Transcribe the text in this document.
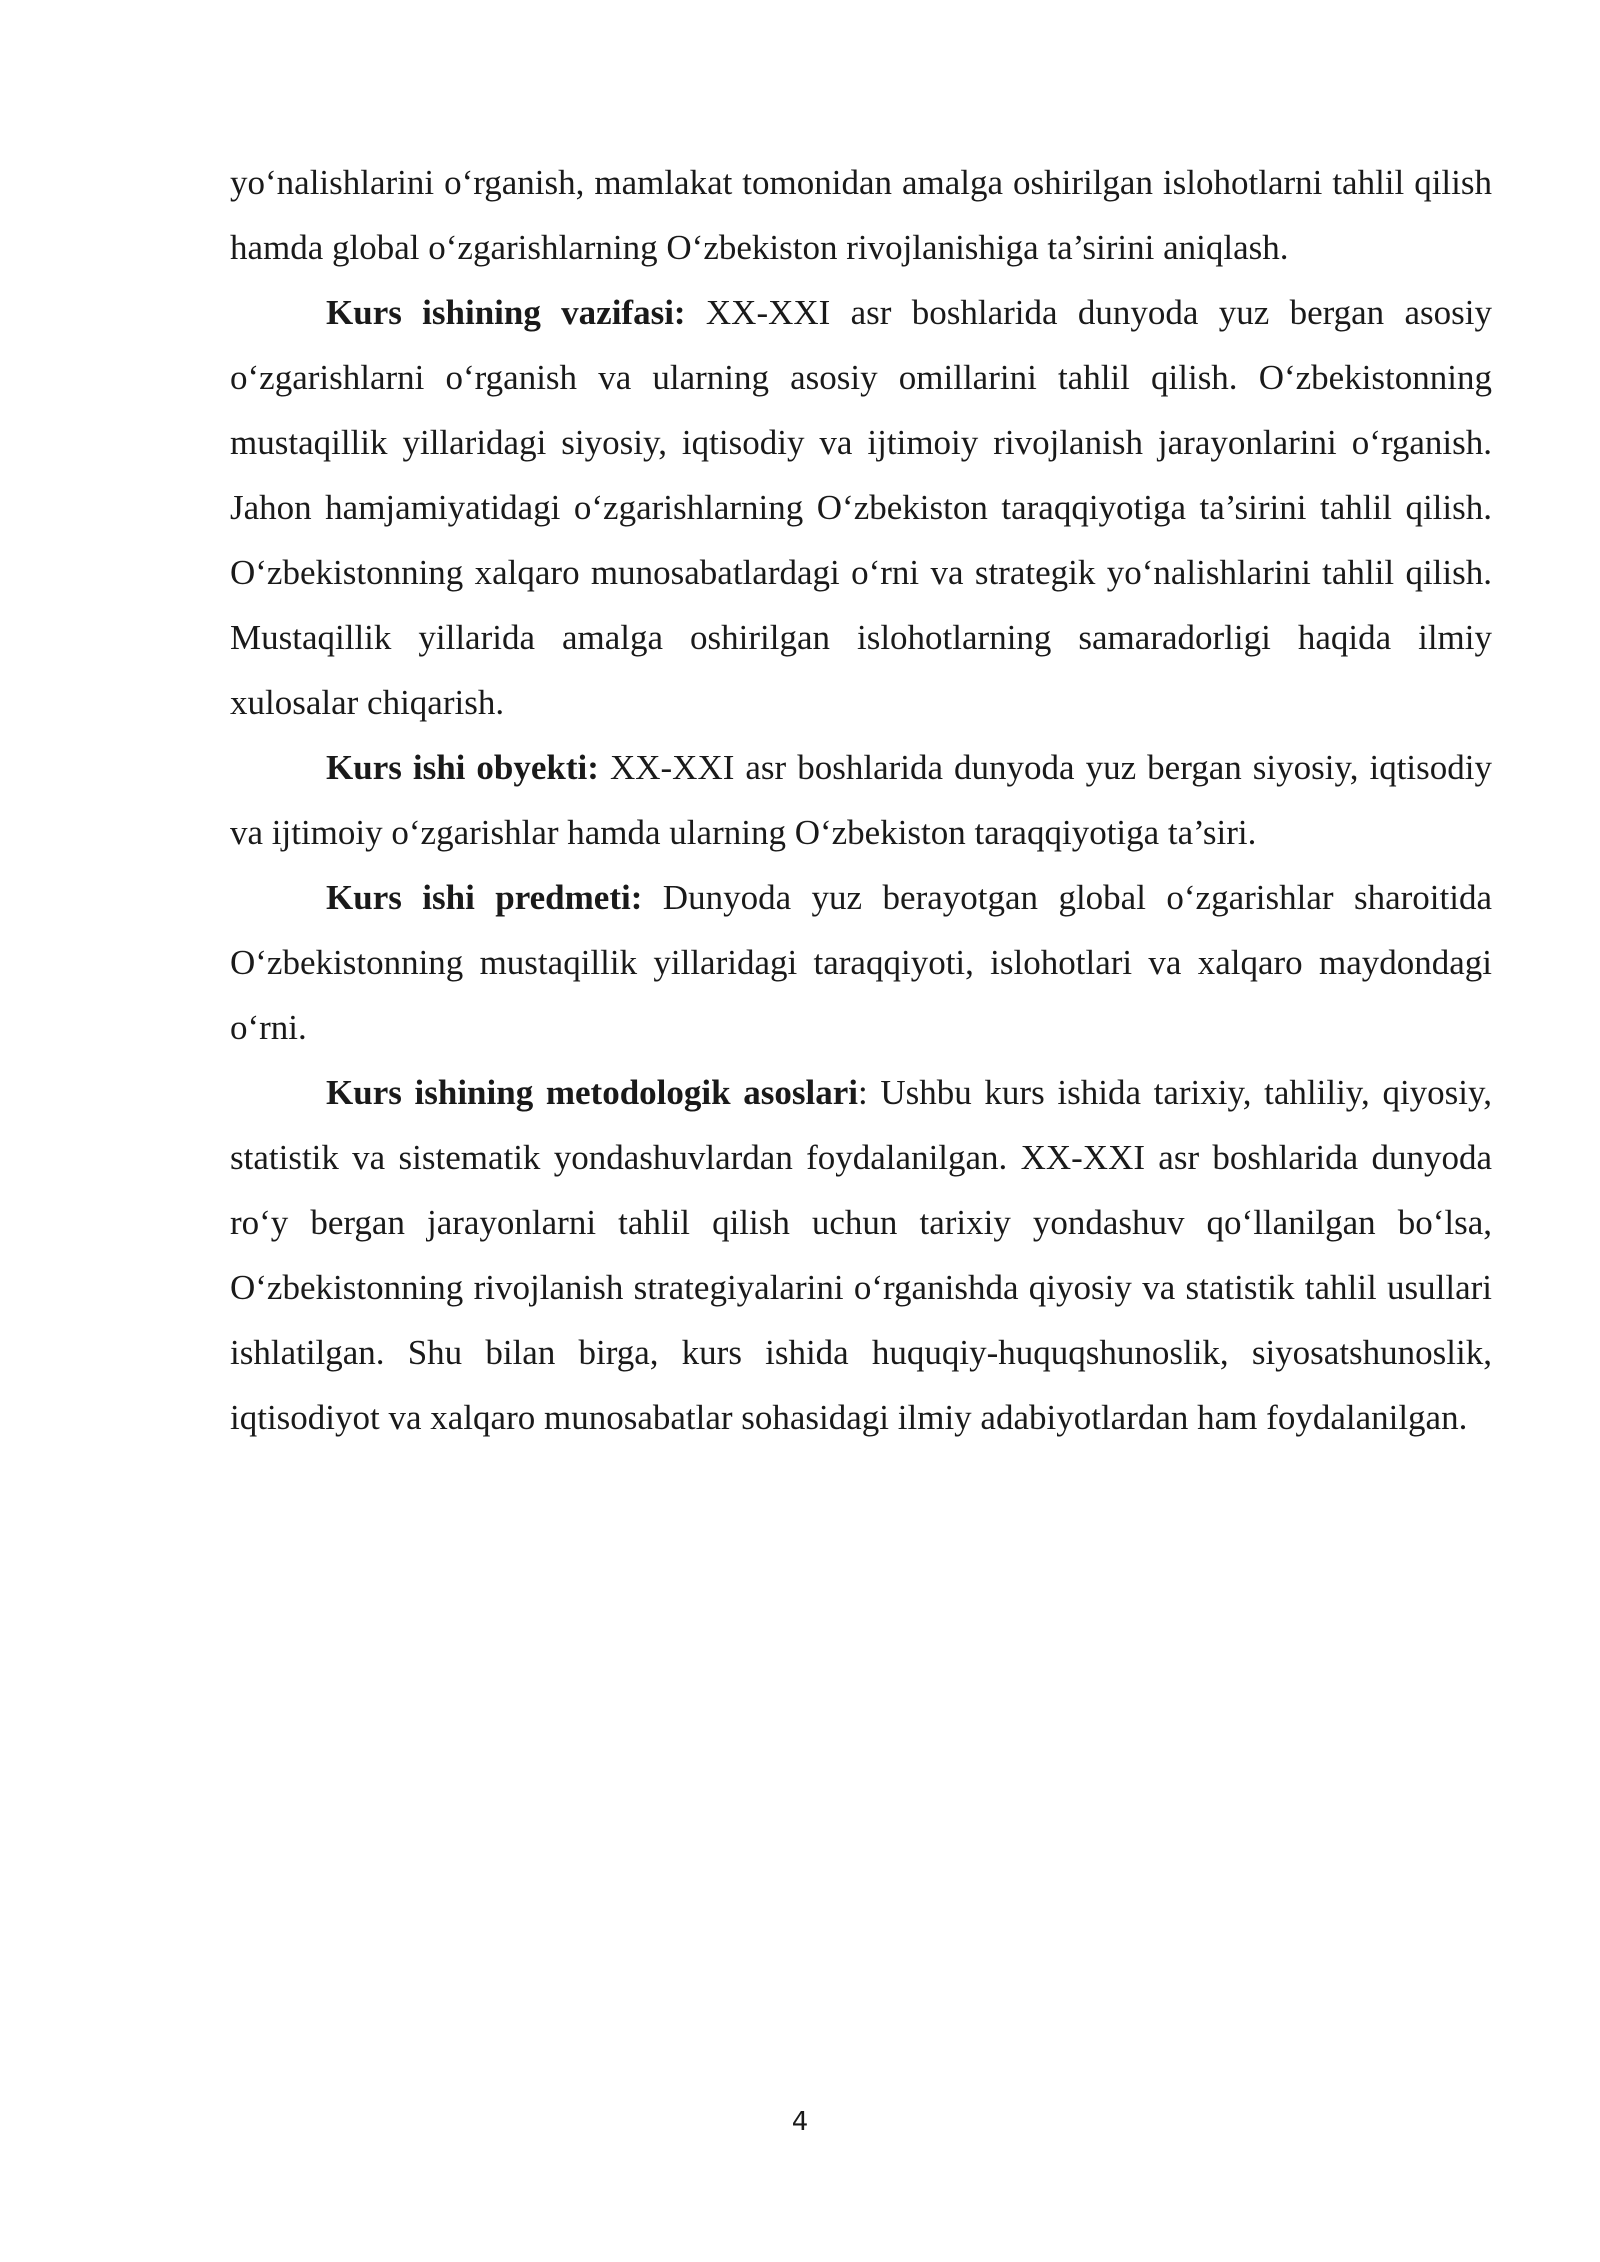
yo‘nalishlarini o‘rganish, mamlakat tomonidan amalga oshirilgan islohotlarni tahlil qilish hamda global o‘zgarishlarning O‘zbekiston rivojlanishiga ta’sirini aniqlash.

Kurs ishining vazifasi: XX-XXI asr boshlarida dunyoda yuz bergan asosiy o‘zgarishlarni o‘rganish va ularning asosiy omillarini tahlil qilish. O‘zbekistonning mustaqillik yillaridagi siyosiy, iqtisodiy va ijtimoiy rivojlanish jarayonlarini o‘rganish. Jahon hamjamiyatidagi o‘zgarishlarning O‘zbekiston taraqqiyotiga ta’sirini tahlil qilish. O‘zbekistonning xalqaro munosabatlardagi o‘rni va strategik yo‘nalishlarini tahlil qilish. Mustaqillik yillarida amalga oshirilgan islohotlarning samaradorligi haqida ilmiy xulosalar chiqarish.

Kurs ishi obyekti: XX-XXI asr boshlarida dunyoda yuz bergan siyosiy, iqtisodiy va ijtimoiy o‘zgarishlar hamda ularning O‘zbekiston taraqqiyotiga ta’siri.

Kurs ishi predmeti: Dunyoda yuz berayotgan global o‘zgarishlar sharoitida O‘zbekistonning mustaqillik yillaridagi taraqqiyoti, islohotlari va xalqaro maydondagi o‘rni.

Kurs ishining metodologik asoslari: Ushbu kurs ishida tarixiy, tahliliy, qiyosiy, statistik va sistematik yondashuvlardan foydalanilgan. XX-XXI asr boshlarida dunyoda ro‘y bergan jarayonlarni tahlil qilish uchun tarixiy yondashuv qo‘llanilgan bo‘lsa, O‘zbekistonning rivojlanish strategiyalarini o‘rganishda qiyosiy va statistik tahlil usullari ishlatilgan. Shu bilan birga, kurs ishida huquqiy-huquqshunoslik, siyosatshunoslik, iqtisodiyot va xalqaro munosabatlar sohasidagi ilmiy adabiyotlardan ham foydalanilgan.

4
